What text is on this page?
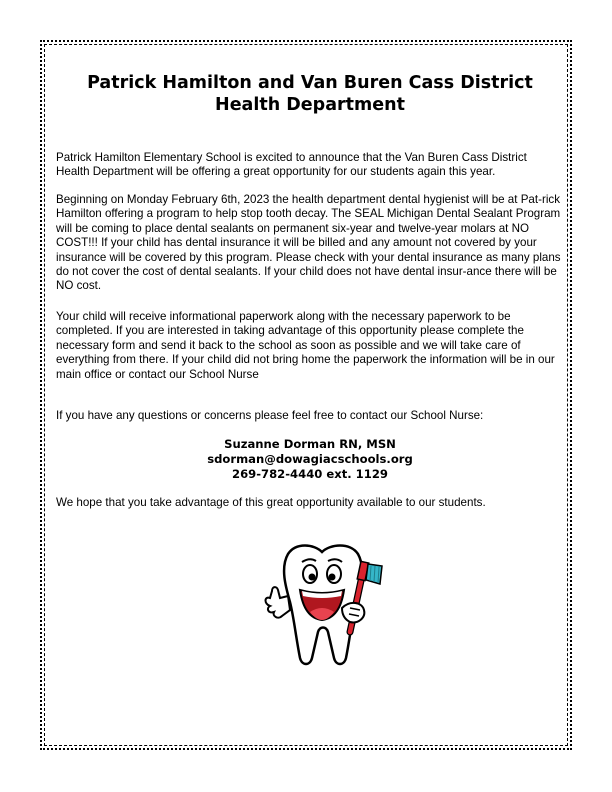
Patrick Hamilton and Van Buren Cass District
Health Department

Patrick Hamilton Elementary School is excited to announce that the Van Buren Cass District Health Department will be offering a great opportunity for our students again this year.

Beginning on Monday February 6th, 2023 the health department dental hygienist will be at Pat-rick Hamilton offering a program to help stop tooth decay. The SEAL Michigan Dental Sealant Program will be coming to place dental sealants on permanent six-year and twelve-year molars at NO COST!!! If your child has dental insurance it will be billed and any amount not covered by your insurance will be covered by this program. Please check with your dental insurance as many plans do not cover the cost of dental sealants. If your child does not have dental insur-ance there will be NO cost.

Your child will receive informational paperwork along with the necessary paperwork to be completed. If you are interested in taking advantage of this opportunity please complete the necessary form and send it back to the school as soon as possible and we will take care of everything from there. If your child did not bring home the paperwork the information will be in our main office or contact our School Nurse

If you have any questions or concerns please feel free to contact our School Nurse:

Suzanne Dorman RN, MSN
sdorman@dowagiacschools.org
269-782-4440 ext. 1129

We hope that you take advantage of this great opportunity available to our students.
